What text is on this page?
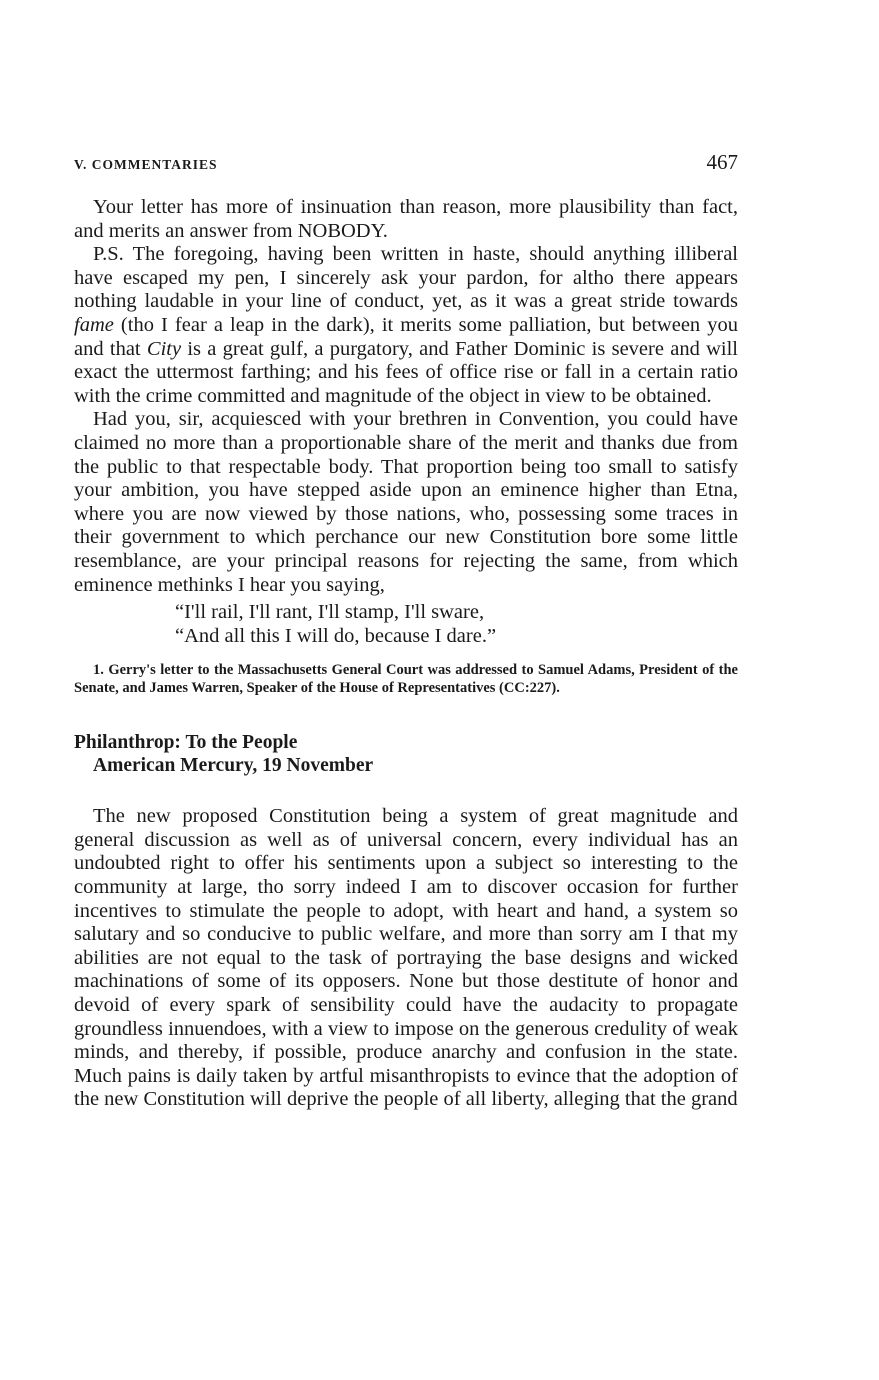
V. COMMENTARIES	467

Your letter has more of insinuation than reason, more plausibility than fact, and merits an answer from NOBODY.

P.S. The foregoing, having been written in haste, should anything illiberal have escaped my pen, I sincerely ask your pardon, for altho there appears nothing laudable in your line of conduct, yet, as it was a great stride towards fame (tho I fear a leap in the dark), it merits some palliation, but between you and that City is a great gulf, a purgatory, and Father Dominic is severe and will exact the uttermost farthing; and his fees of office rise or fall in a certain ratio with the crime committed and magnitude of the object in view to be obtained.

Had you, sir, acquiesced with your brethren in Convention, you could have claimed no more than a proportionable share of the merit and thanks due from the public to that respectable body. That proportion being too small to satisfy your ambition, you have stepped aside upon an eminence higher than Etna, where you are now viewed by those nations, who, possessing some traces in their government to which perchance our new Constitution bore some little resemblance, are your principal reasons for rejecting the same, from which eminence methinks I hear you saying,

“I'll rail, I'll rant, I'll stamp, I'll sware,
“And all this I will do, because I dare.”
1. Gerry's letter to the Massachusetts General Court was addressed to Samuel Adams, President of the Senate, and James Warren, Speaker of the House of Representatives (CC:227).
Philanthrop: To the People
American Mercury, 19 November

The new proposed Constitution being a system of great magnitude and general discussion as well as of universal concern, every individual has an undoubted right to offer his sentiments upon a subject so interesting to the community at large, tho sorry indeed I am to discover occasion for further incentives to stimulate the people to adopt, with heart and hand, a system so salutary and so conducive to public welfare, and more than sorry am I that my abilities are not equal to the task of portraying the base designs and wicked machinations of some of its opposers. None but those destitute of honor and devoid of every spark of sensibility could have the audacity to propagate groundless innuendoes, with a view to impose on the generous credulity of weak minds, and thereby, if possible, produce anarchy and confusion in the state. Much pains is daily taken by artful misanthropists to evince that the adoption of the new Constitution will deprive the people of all liberty, alleging that the grand
